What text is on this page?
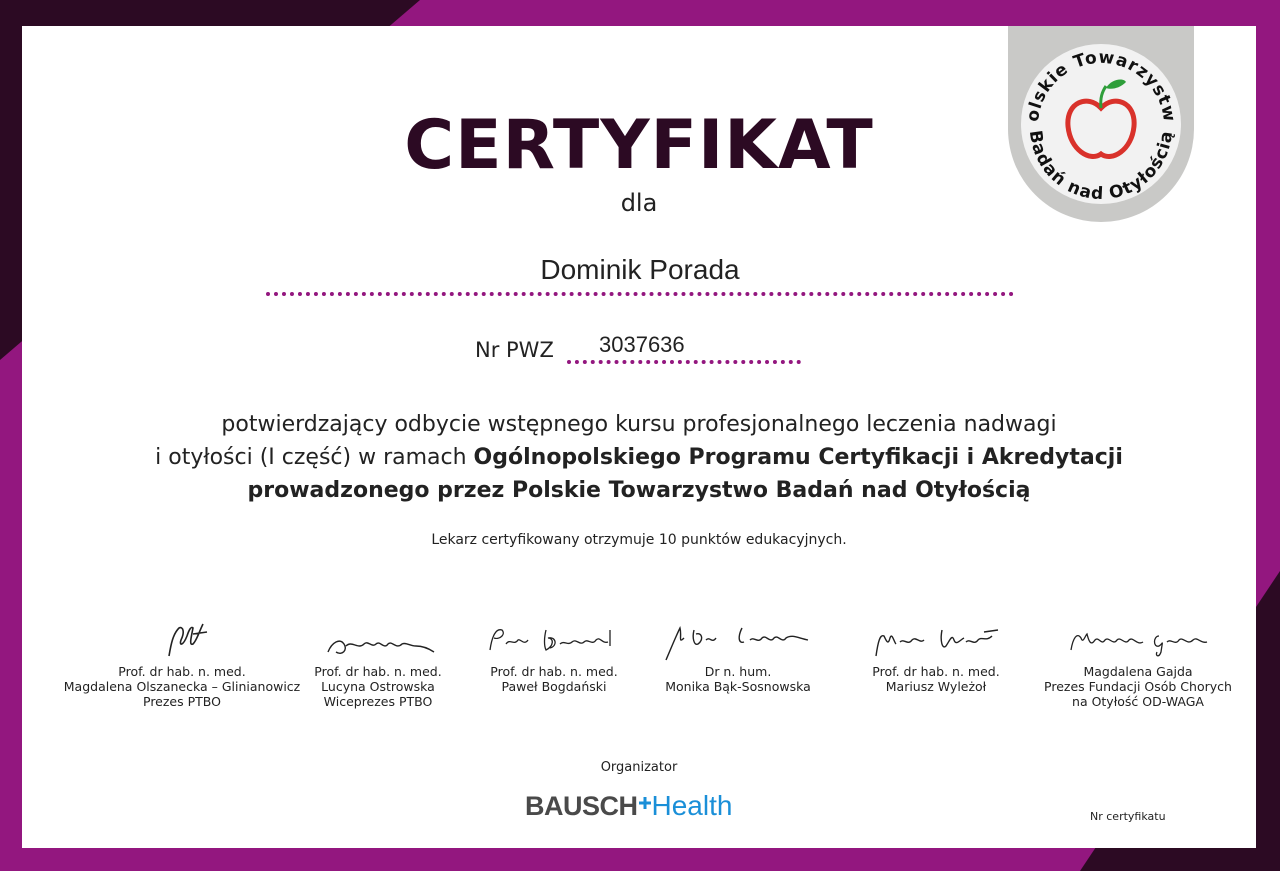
olskie Towarzystw
Badań nad Otyłością
CERTYFIKAT
dla
Dominik Porada
Nr PWZ 3037636
potwierdzający odbycie wstępnego kursu profesjonalnego leczenia nadwagi
i otyłości (I część) w ramach Ogólnopolskiego Programu Certyfikacji i Akredytacji
prowadzonego przez Polskie Towarzystwo Badań nad Otyłością
Lekarz certyfikowany otrzymuje 10 punktów edukacyjnych.
Prof. dr hab. n. med.
Magdalena Olszanecka – Glinianowicz
Prezes PTBO
Prof. dr hab. n. med.
Lucyna Ostrowska
Wiceprezes PTBO
Prof. dr hab. n. med.
Paweł Bogdański
Dr n. hum.
Monika Bąk-Sosnowska
Prof. dr hab. n. med.
Mariusz Wyleżoł
Magdalena Gajda
Prezes Fundacji Osób Chorych
na Otyłość OD-WAGA
Organizator
BAUSCH Health	Nr certyfikatu
